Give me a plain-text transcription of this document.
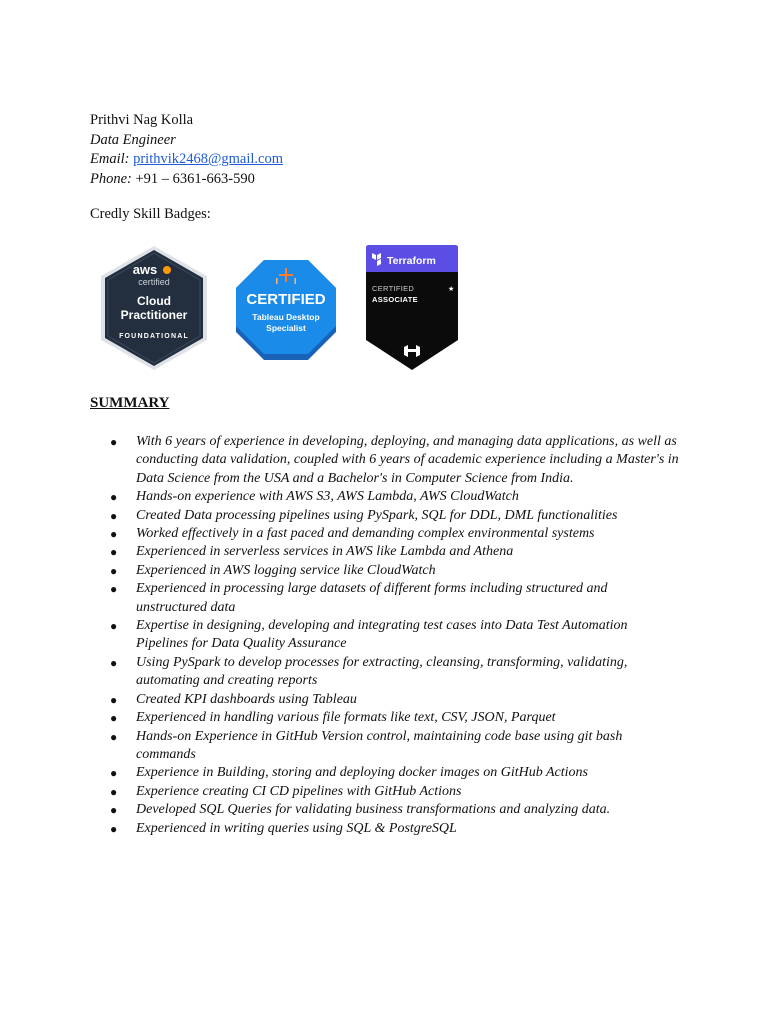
Prithvi Nag Kolla
Data Engineer
Email: prithvik2468@gmail.com
Phone: +91 – 6361-663-590
Credly Skill Badges:
aws
certified
Cloud
Practitioner
FOUNDATIONAL
CERTIFIED
Tableau Desktop
Specialist
Terraform
CERTIFIED
ASSOCIATE
★
SUMMARY
● With 6 years of experience in developing, deploying, and managing data applications, as well as conducting data validation, coupled with 6 years of academic experience including a Master's in Data Science from the USA and a Bachelor's in Computer Science from India.
● Hands-on experience with AWS S3, AWS Lambda, AWS CloudWatch
● Created Data processing pipelines using PySpark, SQL for DDL, DML functionalities
● Worked effectively in a fast paced and demanding complex environmental systems
● Experienced in serverless services in AWS like Lambda and Athena
● Experienced in AWS logging service like CloudWatch
● Experienced in processing large datasets of different forms including structured and unstructured data
● Expertise in designing, developing and integrating test cases into Data Test Automation Pipelines for Data Quality Assurance
● Using PySpark to develop processes for extracting, cleansing, transforming, validating, automating and creating reports
● Created KPI dashboards using Tableau
● Experienced in handling various file formats like text, CSV, JSON, Parquet
● Hands-on Experience in GitHub Version control, maintaining code base using git bash commands
● Experience in Building, storing and deploying docker images on GitHub Actions
● Experience creating CI CD pipelines with GitHub Actions
● Developed SQL Queries for validating business transformations and analyzing data.
● Experienced in writing queries using SQL & PostgreSQL
